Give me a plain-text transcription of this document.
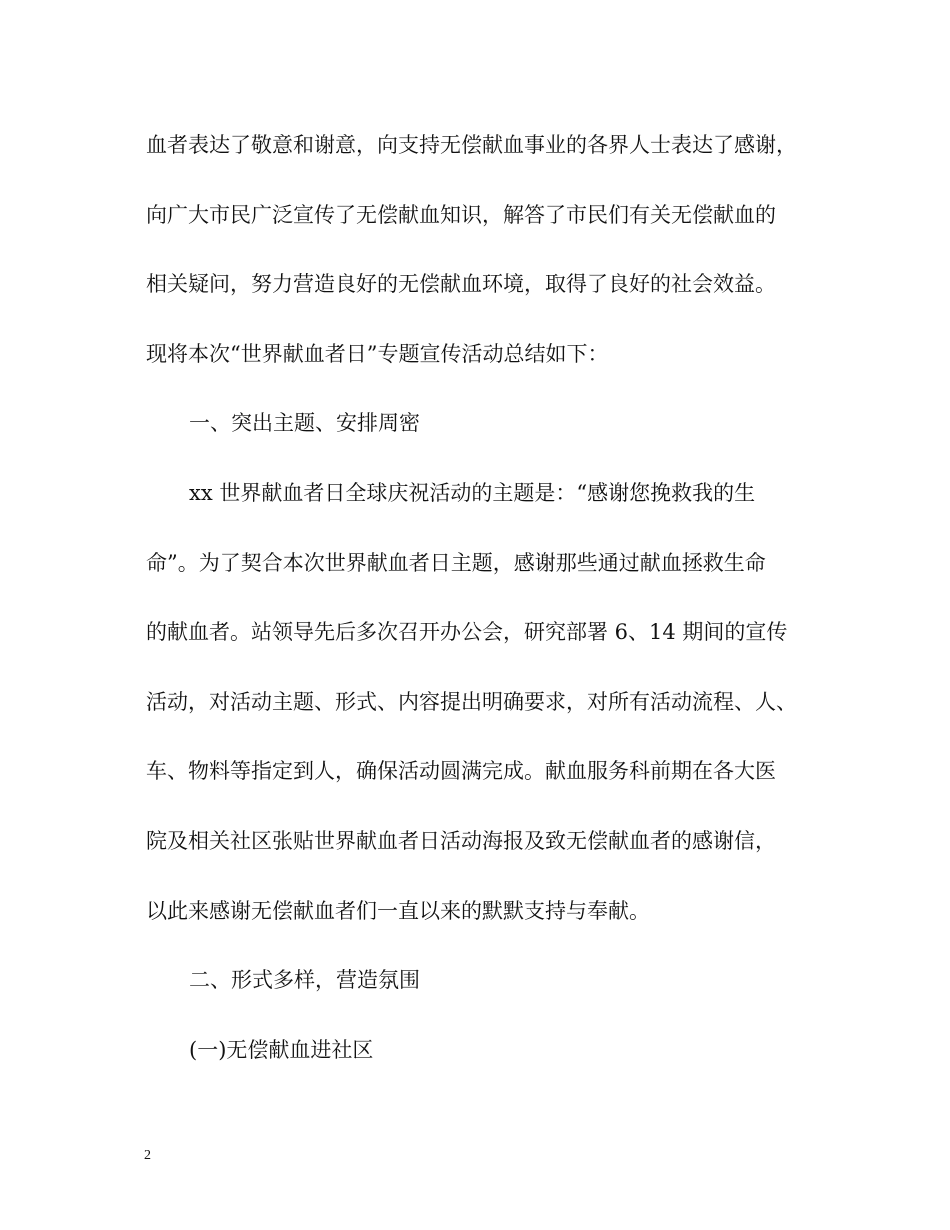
血者表达了敬意和谢意，向支持无偿献血事业的各界人士表达了感谢，
向广大市民广泛宣传了无偿献血知识，解答了市民们有关无偿献血的
相关疑问，努力营造良好的无偿献血环境，取得了良好的社会效益。
现将本次“世界献血者日”专题宣传活动总结如下：
一、突出主题、安排周密
xx 世界献血者日全球庆祝活动的主题是：“感谢您挽救我的生
命”。为了契合本次世界献血者日主题，感谢那些通过献血拯救生命
的献血者。站领导先后多次召开办公会，研究部署 6、14 期间的宣传
活动，对活动主题、形式、内容提出明确要求，对所有活动流程、人、
车、物料等指定到人，确保活动圆满完成。献血服务科前期在各大医
院及相关社区张贴世界献血者日活动海报及致无偿献血者的感谢信，
以此来感谢无偿献血者们一直以来的默默支持与奉献。
二、形式多样，营造氛围
(一)无偿献血进社区
2
